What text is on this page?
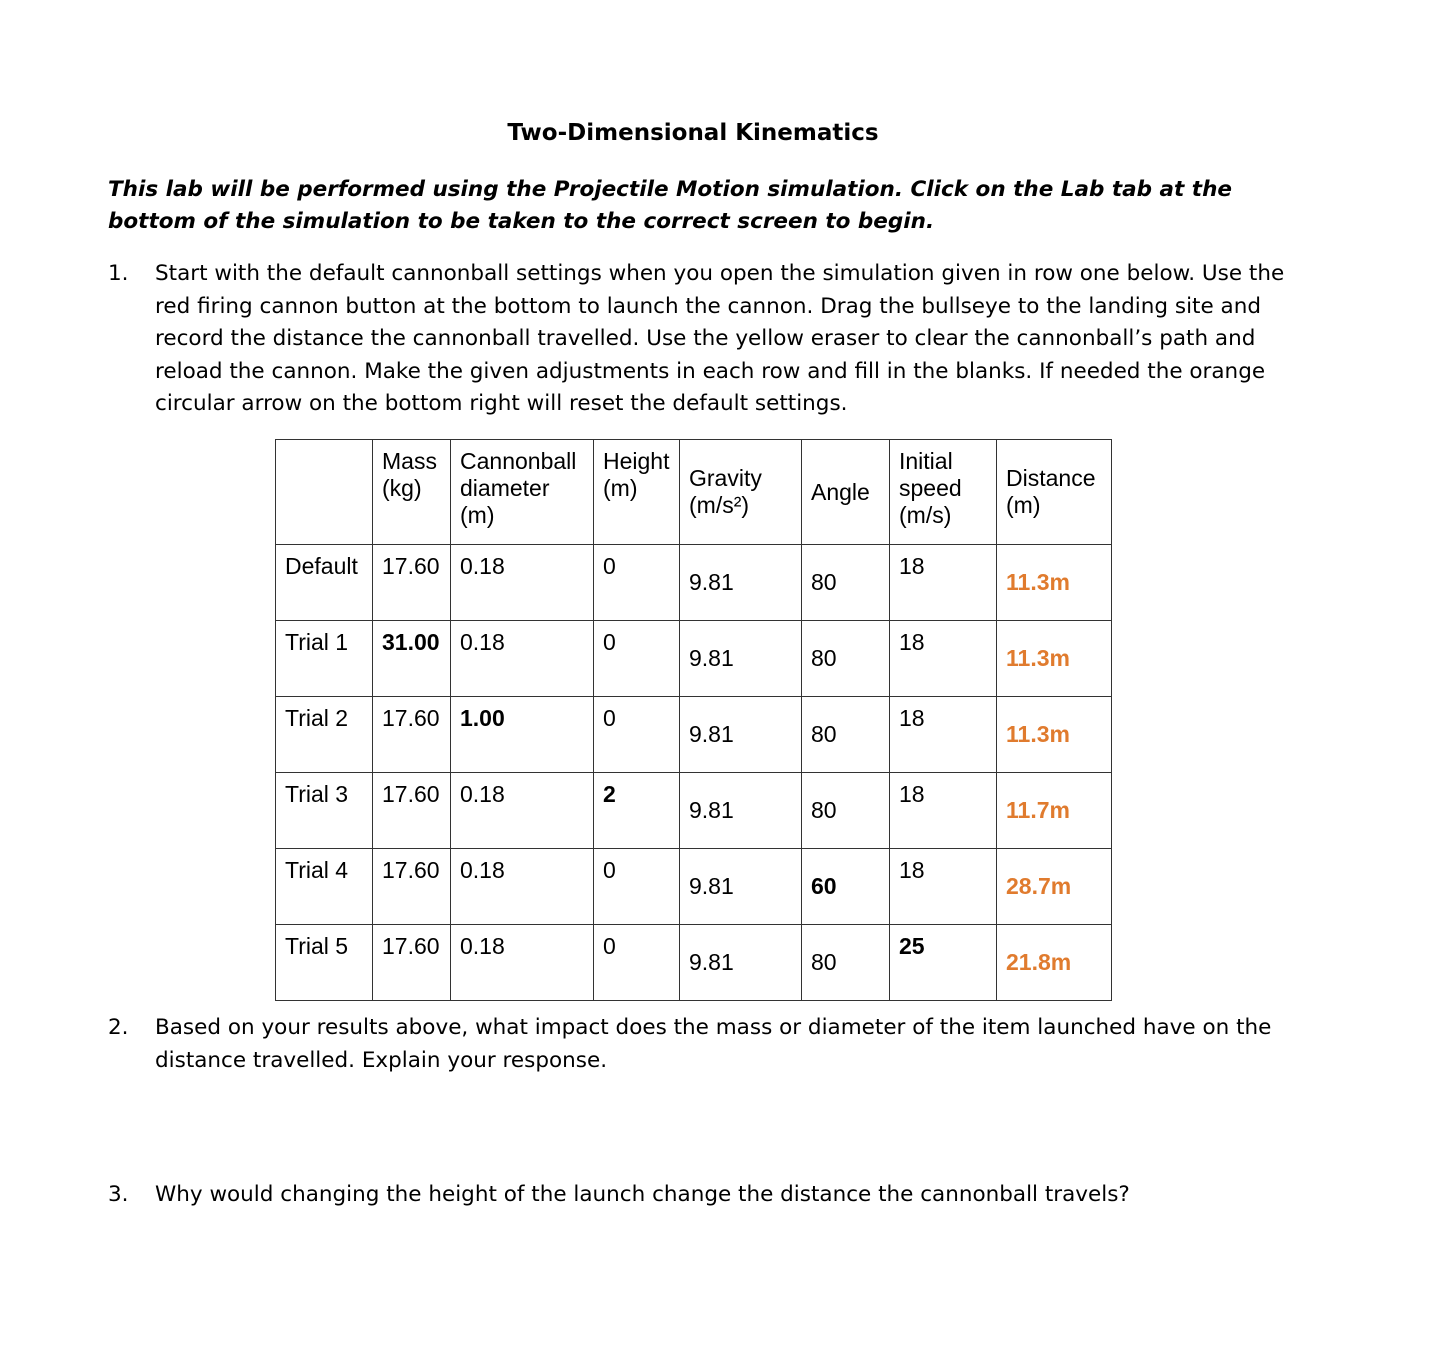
Two-Dimensional Kinematics
This lab will be performed using the Projectile Motion simulation. Click on the Lab tab at the bottom of the simulation to be taken to the correct screen to begin.
1. Start with the default cannonball settings when you open the simulation given in row one below. Use the red firing cannon button at the bottom to launch the cannon. Drag the bullseye to the landing site and record the distance the cannonball travelled. Use the yellow eraser to clear the cannonball’s path and reload the cannon. Make the given adjustments in each row and fill in the blanks. If needed the orange circular arrow on the bottom right will reset the default settings.
	Mass (kg)	Cannonball diameter (m)	Height (m)	Gravity (m/s²)	Angle	Initial speed (m/s)	Distance (m)
Default	17.60	0.18	0	9.81	80	18	11.3m
Trial 1	31.00	0.18	0	9.81	80	18	11.3m
Trial 2	17.60	1.00	0	9.81	80	18	11.3m
Trial 3	17.60	0.18	2	9.81	80	18	11.7m
Trial 4	17.60	0.18	0	9.81	60	18	28.7m
Trial 5	17.60	0.18	0	9.81	80	25	21.8m
2. Based on your results above, what impact does the mass or diameter of the item launched have on the distance travelled. Explain your response.
3. Why would changing the height of the launch change the distance the cannonball travels?
